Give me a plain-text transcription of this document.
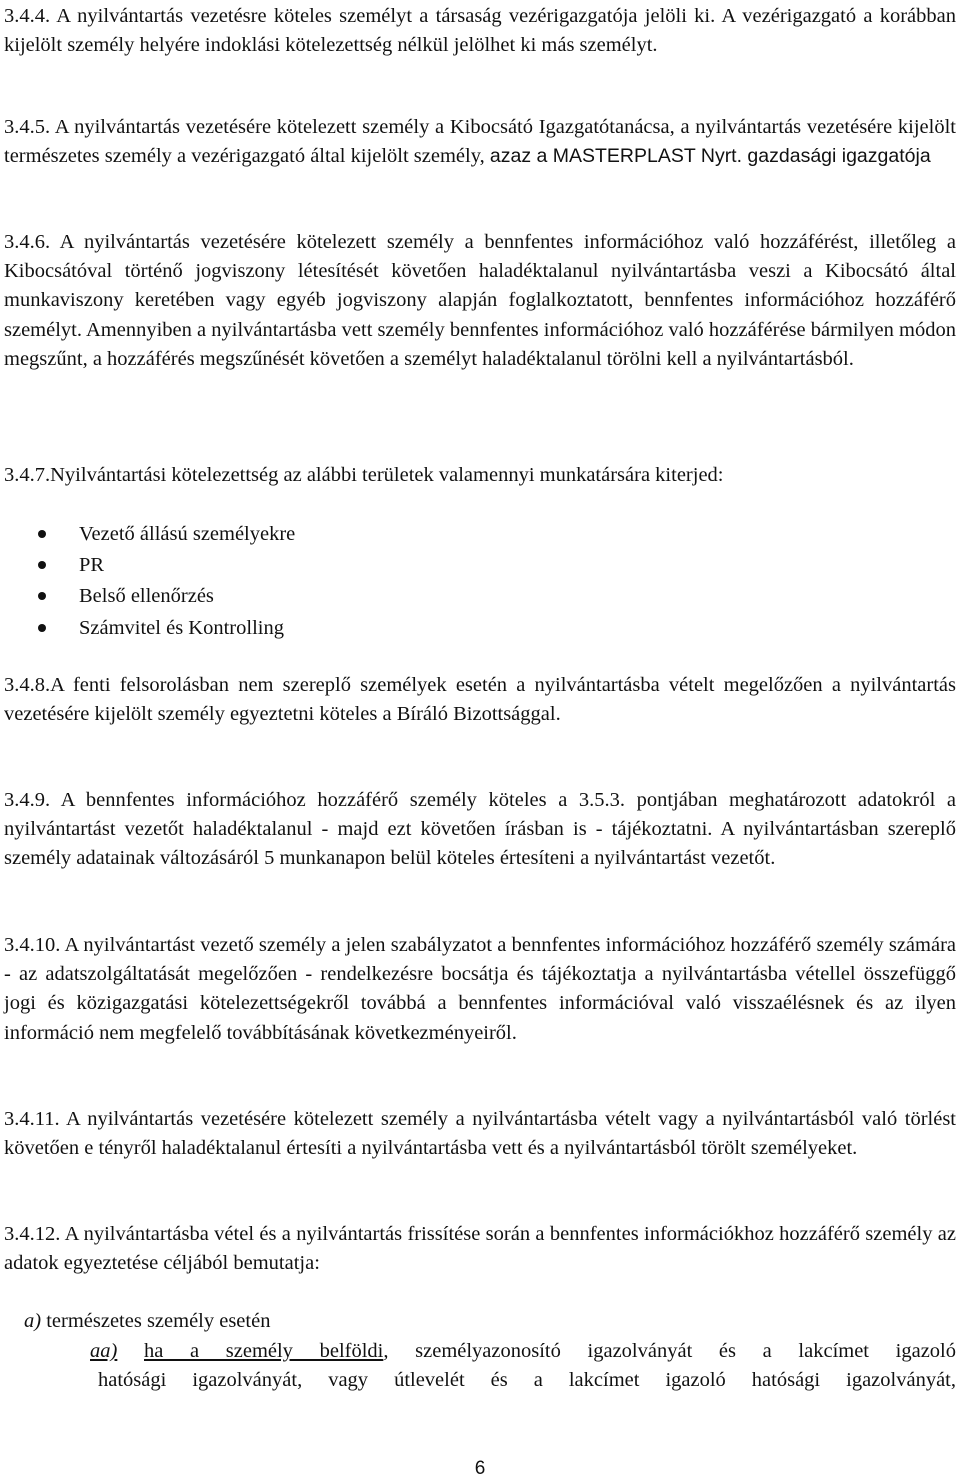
3.4.4. A nyilvántartás vezetésre köteles személyt a társaság vezérigazgatója jelöli ki. A vezérigazgató a korábban kijelölt személy helyére indoklási kötelezettség nélkül jelölhet ki más személyt.

3.4.5. A nyilvántartás vezetésére kötelezett személy a Kibocsátó Igazgatótanácsa, a nyilvántartás vezetésére kijelölt természetes személy a vezérigazgató által kijelölt személy, azaz a MASTERPLAST Nyrt. gazdasági igazgatója

3.4.6. A nyilvántartás vezetésére kötelezett személy a bennfentes információhoz való hozzáférést, illetőleg a Kibocsátóval történő jogviszony létesítését követően haladéktalanul nyilvántartásba veszi a Kibocsátó által munkaviszony keretében vagy egyéb jogviszony alapján foglalkoztatott, bennfentes információhoz hozzáférő személyt. Amennyiben a nyilvántartásba vett személy bennfentes információhoz való hozzáférése bármilyen módon megszűnt, a hozzáférés megszűnését követően a személyt haladéktalanul törölni kell a nyilvántartásból.

3.4.7.Nyilvántartási kötelezettség az alábbi területek valamennyi munkatársára kiterjed:

Vezető állású személyekre
PR
Belső ellenőrzés
Számvitel és Kontrolling

3.4.8.A fenti felsorolásban nem szereplő személyek esetén a nyilvántartásba vételt megelőzően a nyilvántartás vezetésére kijelölt személy egyeztetni köteles a Bíráló Bizottsággal.

3.4.9. A bennfentes információhoz hozzáférő személy köteles a 3.5.3. pontjában meghatározott adatokról a nyilvántartást vezetőt haladéktalanul - majd ezt követően írásban is - tájékoztatni. A nyilvántartásban szereplő személy adatainak változásáról 5 munkanapon belül köteles értesíteni a nyilvántartást vezetőt.

3.4.10. A nyilvántartást vezető személy a jelen szabályzatot a bennfentes információhoz hozzáférő személy számára - az adatszolgáltatását megelőzően - rendelkezésre bocsátja és tájékoztatja a nyilvántartásba vétellel összefüggő jogi és közigazgatási kötelezettségekről továbbá a bennfentes információval való visszaélésnek és az ilyen információ nem megfelelő továbbításának következményeiről.

3.4.11. A nyilvántartás vezetésére kötelezett személy a nyilvántartásba vételt vagy a nyilvántartásból való törlést követően e tényről haladéktalanul értesíti a nyilvántartásba vett és a nyilvántartásból törölt személyeket.

3.4.12. A nyilvántartásba vétel és a nyilvántartás frissítése során a bennfentes információkhoz hozzáférő személy az adatok egyeztetése céljából bemutatja:

a) természetes személy esetén

aa) ha a személy belföldi, személyazonosító igazolványát és a lakcímet igazoló

hatósági igazolványát, vagy útlevelét és a lakcímet igazoló hatósági igazolványát,

6
